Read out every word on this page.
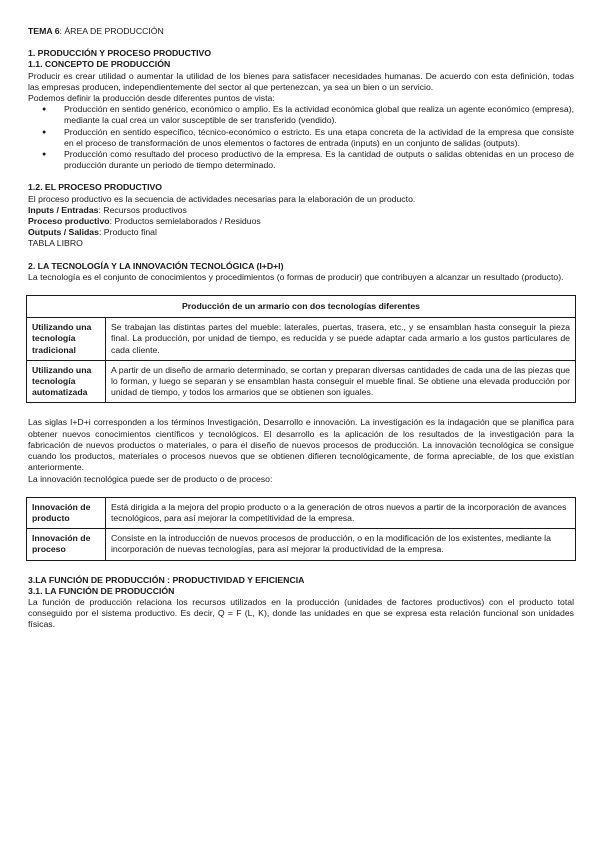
TEMA 6: ÁREA DE PRODUCCIÓN

1. PRODUCCIÓN Y PROCESO PRODUCTIVO

1.1. CONCEPTO DE PRODUCCIÓN

Producir es crear utilidad o aumentar la utilidad de los bienes para satisfacer necesidades humanas. De acuerdo con esta definición, todas las empresas producen, independientemente del sector al que pertenezcan, ya sea un bien o un servicio.

Podemos definir la producción desde diferentes puntos de vista:

● Producción en sentido genérico, económico o amplio. Es la actividad económica global que realiza un agente económico (empresa), mediante la cual crea un valor susceptible de ser transferido (vendido).
● Producción en sentido específico, técnico-económico o estricto. Es una etapa concreta de la actividad de la empresa que consiste en el proceso de transformación de unos elementos o factores de entrada (inputs) en un conjunto de salidas (outputs).
● Producción como resultado del proceso productivo de la empresa. Es la cantidad de outputs o salidas obtenidas en un proceso de producción durante un periodo de tiempo determinado.

1.2. EL PROCESO PRODUCTIVO

El proceso productivo es la secuencia de actividades necesarias para la elaboración de un producto.

Inputs / Entradas: Recursos productivos

Proceso productivo: Productos semielaborados / Residuos

Outputs / Salidas: Producto final

TABLA LIBRO

2. LA TECNOLOGÍA Y LA INNOVACIÓN TECNOLÓGICA (I+D+I)

La tecnología es el conjunto de conocimientos y procedimientos (o formas de producir) que contribuyen a alcanzar un resultado (producto).

Producción de un armario con dos tecnologías diferentes	
Utilizando una tecnología tradicional	Se trabajan las distintas partes del mueble: laterales, puertas, trasera, etc., y se ensamblan hasta conseguir la pieza final. La producción, por unidad de tiempo, es reducida y se puede adaptar cada armario a los gustos particulares de cada cliente.
Utilizando una tecnología automatizada	A partir de un diseño de armario determinado, se cortan y preparan diversas cantidades de cada una de las piezas que lo forman, y luego se separan y se ensamblan hasta conseguir el mueble final. Se obtiene una elevada producción por unidad de tiempo, y todos los armarios que se obtienen son iguales.

Las siglas I+D+i corresponden a los términos Investigación, Desarrollo e innovación. La investigación es la indagación que se planifica para obtener nuevos conocimientos científicos y tecnológicos. El desarrollo es la aplicación de los resultados de la investigación para la fabricación de nuevos productos o materiales, o para el diseño de nuevos procesos de producción. La innovación tecnológica se consigue cuando los productos, materiales o procesos nuevos que se obtienen difieren tecnológicamente, de forma apreciable, de los que existían anteriormente.

La innovación tecnológica puede ser de producto o de proceso:

Innovación de producto	Está dirigida a la mejora del propio producto o a la generación de otros nuevos a partir de la incorporación de avances tecnológicos, para así mejorar la competitividad de la empresa.
Innovación de proceso	Consiste en la introducción de nuevos procesos de producción, o en la modificación de los existentes, mediante la incorporación de nuevas tecnologías, para así mejorar la productividad de la empresa.

3.LA FUNCIÓN DE PRODUCCIÓN : PRODUCTIVIDAD Y EFICIENCIA

3.1. LA FUNCIÓN DE PRODUCCIÓN

La función de producción relaciona los recursos utilizados en la producción (unidades de factores productivos) con el producto total conseguido por el sistema productivo. Es decir, Q = F (L, K), donde las unidades en que se expresa esta relación funcional son unidades físicas.
